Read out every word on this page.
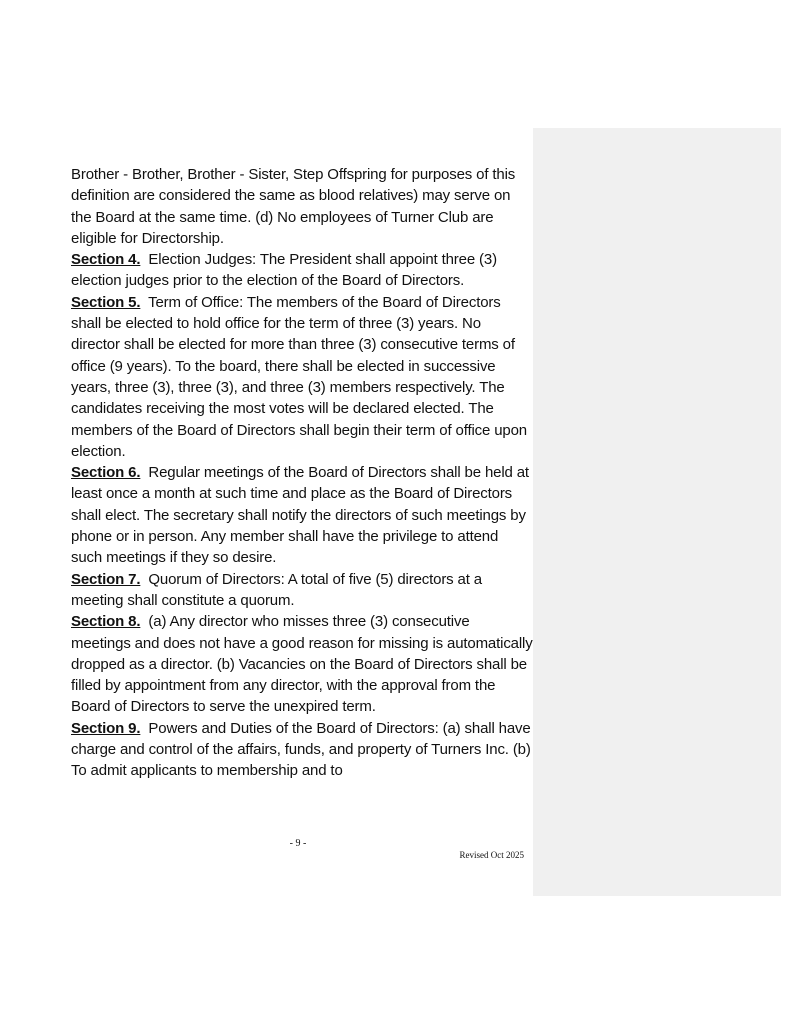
Brother - Brother, Brother - Sister, Step Offspring for purposes of this definition are considered the same as blood relatives) may serve on the Board at the same time. (d) No employees of Turner Club are eligible for Directorship.

Section 4. Election Judges: The President shall appoint three (3) election judges prior to the election of the Board of Directors.

Section 5. Term of Office: The members of the Board of Directors shall be elected to hold office for the term of three (3) years. No director shall be elected for more than three (3) consecutive terms of office (9 years). To the board, there shall be elected in successive years, three (3), three (3), and three (3) members respectively. The candidates receiving the most votes will be declared elected. The members of the Board of Directors shall begin their term of office upon election.

Section 6. Regular meetings of the Board of Directors shall be held at least once a month at such time and place as the Board of Directors shall elect. The secretary shall notify the directors of such meetings by phone or in person. Any member shall have the privilege to attend such meetings if they so desire.

Section 7. Quorum of Directors: A total of five (5) directors at a meeting shall constitute a quorum.

Section 8. (a) Any director who misses three (3) consecutive meetings and does not have a good reason for missing is automatically dropped as a director. (b) Vacancies on the Board of Directors shall be filled by appointment from any director, with the approval from the Board of Directors to serve the unexpired term.

Section 9. Powers and Duties of the Board of Directors: (a) shall have charge and control of the affairs, funds, and property of Turners Inc. (b) To admit applicants to membership and to

- 9 -
Revised Oct 2025
